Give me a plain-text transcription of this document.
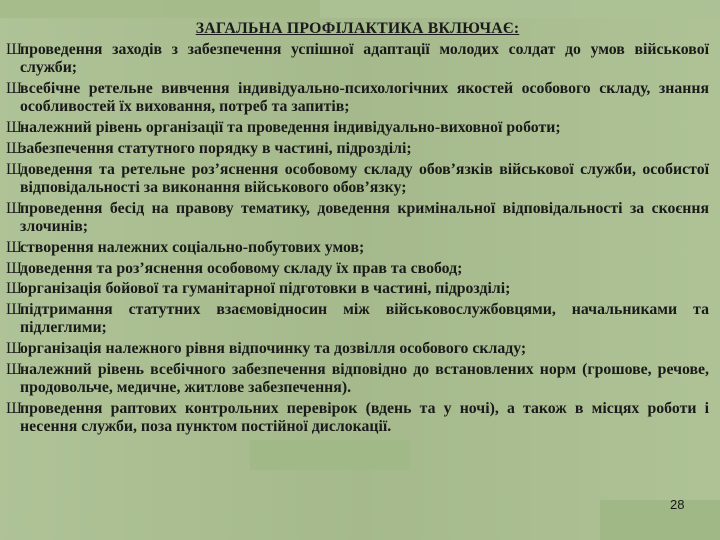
ЗАГАЛЬНА ПРОФІЛАКТИКА ВКЛЮЧАЄ:
Ш
проведення заходів з забезпечення успішної адаптації молодих солдат до умов військової служби;
Ш
всебічне ретельне вивчення індивідуально-психологічних якостей особового складу, знання особливостей їх виховання, потреб та запитів;
Ш
належний рівень організації та проведення індивідуально-виховної роботи;
Ш
забезпечення статутного порядку в частині, підрозділі;
Ш
доведення та ретельне роз’яснення особовому складу обов’язків військової служби, особистої відповідальності за виконання військового обов’язку;
Ш
проведення бесід на правову тематику, доведення кримінальної відповідальності за скоєння злочинів;
Ш
створення належних соціально-побутових умов;
Ш
доведення та роз’яснення особовому складу їх прав та свобод;
Ш
організація бойової та гуманітарної підготовки в частині, підрозділі;
Ш
підтримання статутних взаємовідносин між військовослужбовцями, начальниками та підлеглими;
Ш
організація належного рівня відпочинку та дозвілля особового складу;
Ш
належний рівень всебічного забезпечення відповідно до встановлених норм (грошове, речове, продовольче, медичне, житлове забезпечення).
Ш
проведення раптових контрольних перевірок (вдень та у ночі), а також в місцях роботи і несення служби, поза пунктом постійної дислокації.
28
